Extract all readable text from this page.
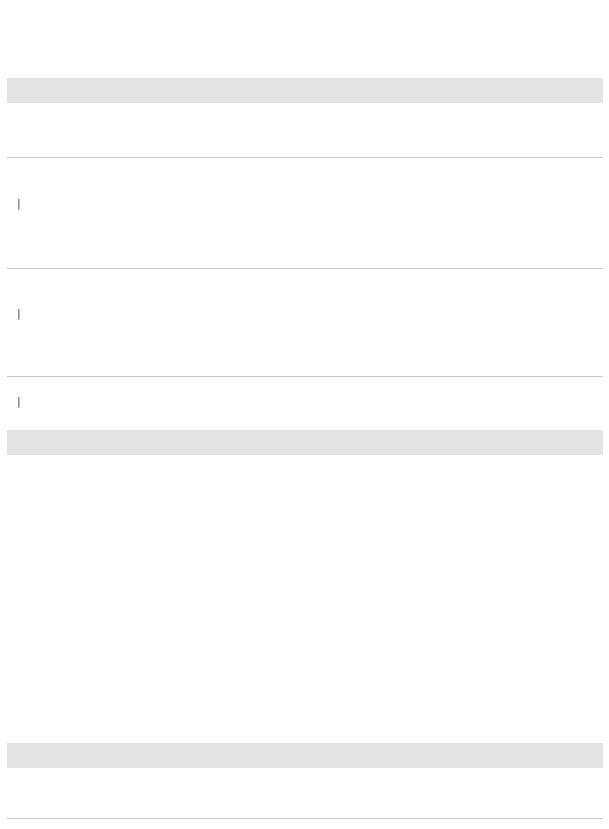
|
|
|
